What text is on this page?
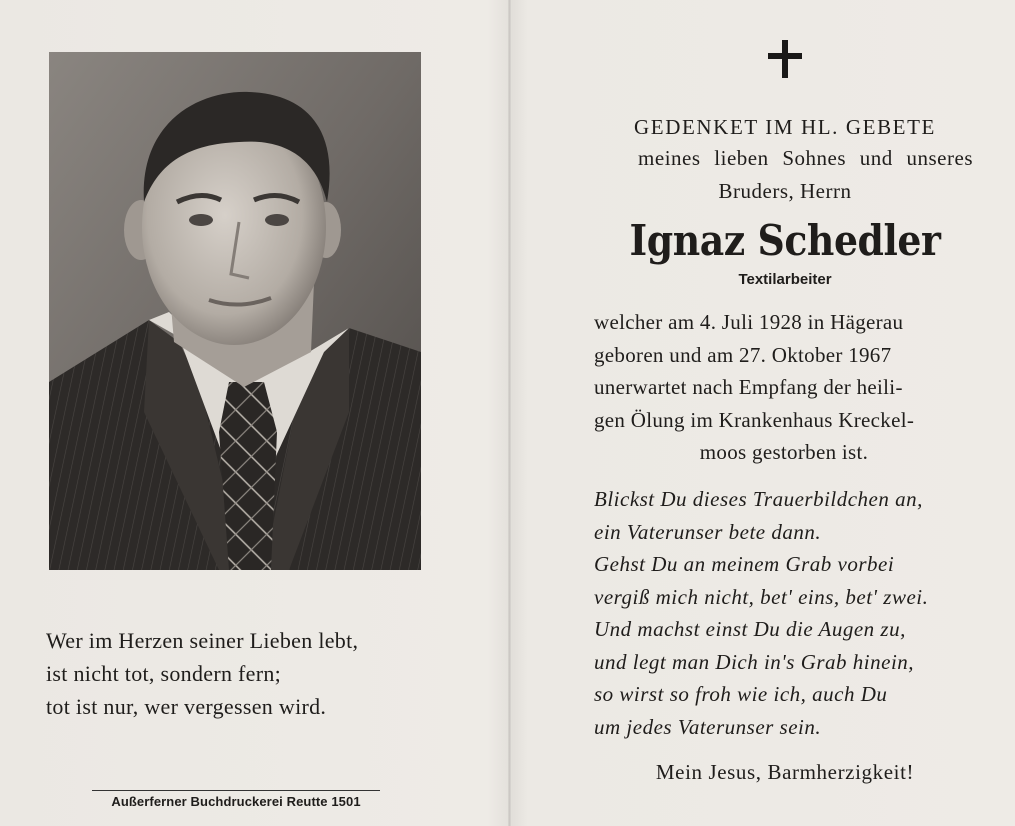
Wer im Herzen seiner Lieben lebt,
ist nicht tot, sondern fern;
tot ist nur, wer vergessen wird.
Außerferner Buchdruckerei Reutte 1501
GEDENKET IM HL. GEBETE
meines lieben Sohnes und unseres
Bruders, Herrn
Ignaz Schedler
Textilarbeiter
welcher am 4. Juli 1928 in Hägerau
geboren und am 27. Oktober 1967
unerwartet nach Empfang der heili-
gen Ölung im Krankenhaus Kreckel-
moos gestorben ist.
Blickst Du dieses Trauerbildchen an,
ein Vaterunser bete dann.
Gehst Du an meinem Grab vorbei
vergiß mich nicht, bet' eins, bet' zwei.
Und machst einst Du die Augen zu,
und legt man Dich in's Grab hinein,
so wirst so froh wie ich, auch Du
um jedes Vaterunser sein.
Mein Jesus, Barmherzigkeit!
